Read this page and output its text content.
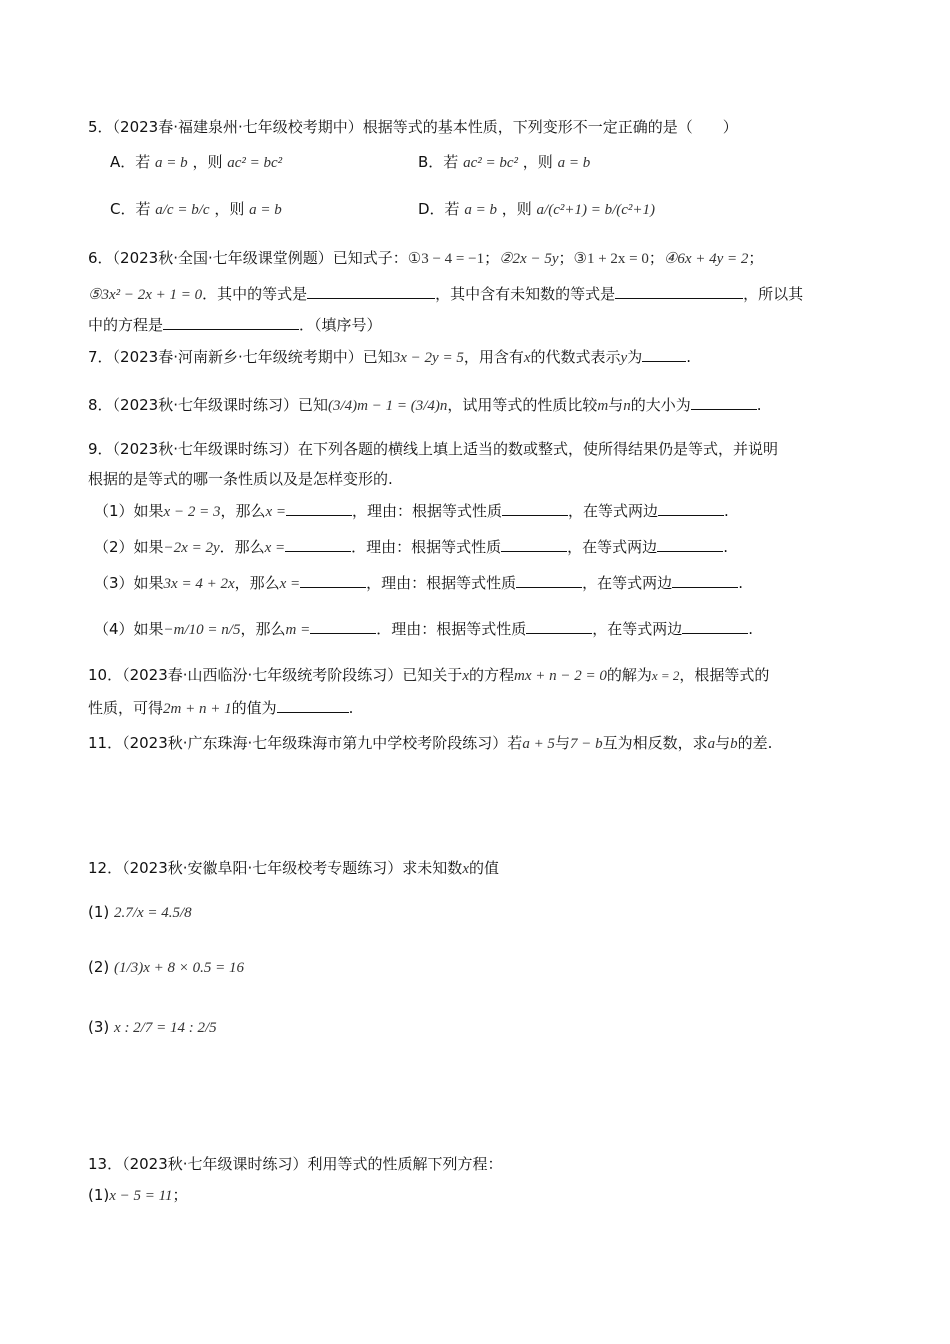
5．（2023春·福建泉州·七年级校考期中）根据等式的基本性质，下列变形不一定正确的是（　　）
A．若 a = b ，则 ac² = bc²	B．若 ac² = bc² ，则 a = b
C．若 a/c = b/c ，则 a = b	D．若 a = b ，则 a/(c²+1) = b/(c²+1)
6．（2023秋·全国·七年级课堂例题）已知式子：①3 − 4 = −1；②2x − 5y；③1 + 2x = 0；④6x + 4y = 2；
⑤3x² − 2x + 1 = 0．其中的等式是	，其中含有未知数的等式是	，所以其
中的方程是	．（填序号）
7．（2023春·河南新乡·七年级统考期中）已知3x − 2y = 5，用含有x的代数式表示y为	.
8．（2023秋·七年级课时练习）已知(3/4)m − 1 = (3/4)n，试用等式的性质比较m与n的大小为	.
9．（2023秋·七年级课时练习）在下列各题的横线上填上适当的数或整式，使所得结果仍是等式，并说明
根据的是等式的哪一条性质以及是怎样变形的.
（1）如果x − 2 = 3，那么x =	，理由：根据等式性质	，在等式两边	.
（2）如果−2x = 2y．那么x =	．理由：根据等式性质	，在等式两边	.
（3）如果3x = 4 + 2x，那么x =	，理由：根据等式性质	，在等式两边	.
（4）如果−m/10 = n/5，那么m =	．理由：根据等式性质	，在等式两边	.
10．（2023春·山西临汾·七年级统考阶段练习）已知关于x的方程mx + n − 2 = 0的解为x = 2，根据等式的
性质，可得2m + n + 1的值为	.
11．（2023秋·广东珠海·七年级珠海市第九中学校考阶段练习）若a + 5与7 − b互为相反数，求a与b的差.
12．（2023秋·安徽阜阳·七年级校考专题练习）求未知数x的值
(1) 2.7/x = 4.5/8
(2) (1/3)x + 8 × 0.5 = 16
(3) x : 2/7 = 14 : 2/5
13．（2023秋·七年级课时练习）利用等式的性质解下列方程：
(1)x − 5 = 11；
